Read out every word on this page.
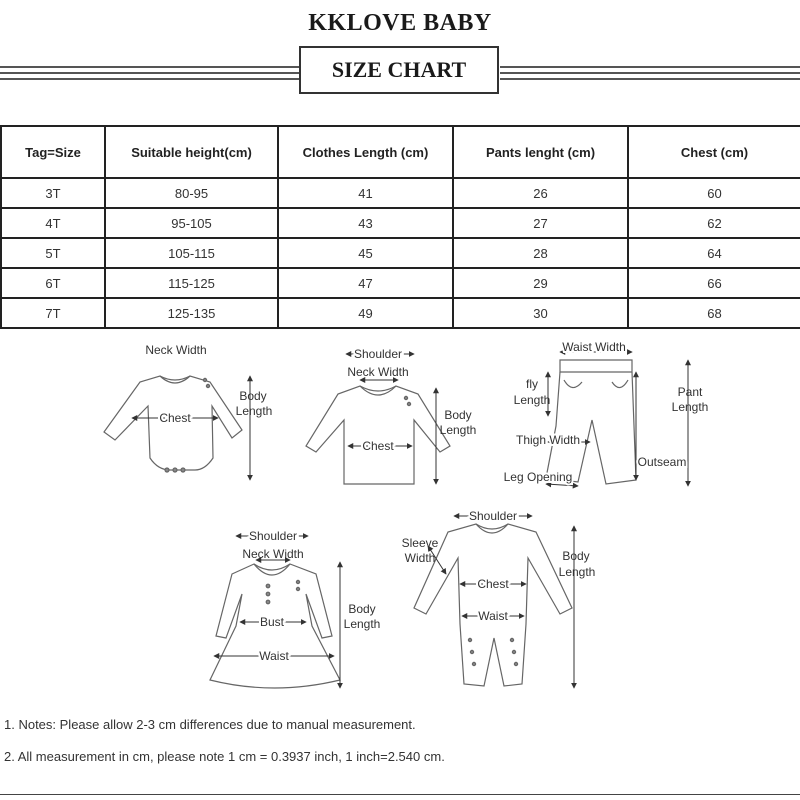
KKLOVE BABY
SIZE CHART
Tag=Size	Suitable height(cm)	Clothes Length (cm)	Pants lenght (cm)	Chest (cm)
3T	80-95	41	26	60
4T	95-105	43	27	62
5T	105-115	45	28	64
6T	115-125	47	29	66
7T	125-135	49	30	68
Neck Width
Chest
Body
Length
Shoulder
Neck Width
Chest
Body
Length
Waist Width
fly
Length
Pant
Length
Thigh Width
Outseam
Leg Opening
Shoulder
Neck Width
Bust
Waist
Body
Length
Shoulder
Sleeve
Width
Chest
Waist
Body
Length
1. Notes: Please allow 2-3 cm differences due to manual measurement.
2. All measurement in cm, please note 1 cm = 0.3937 inch, 1 inch=2.540 cm.
